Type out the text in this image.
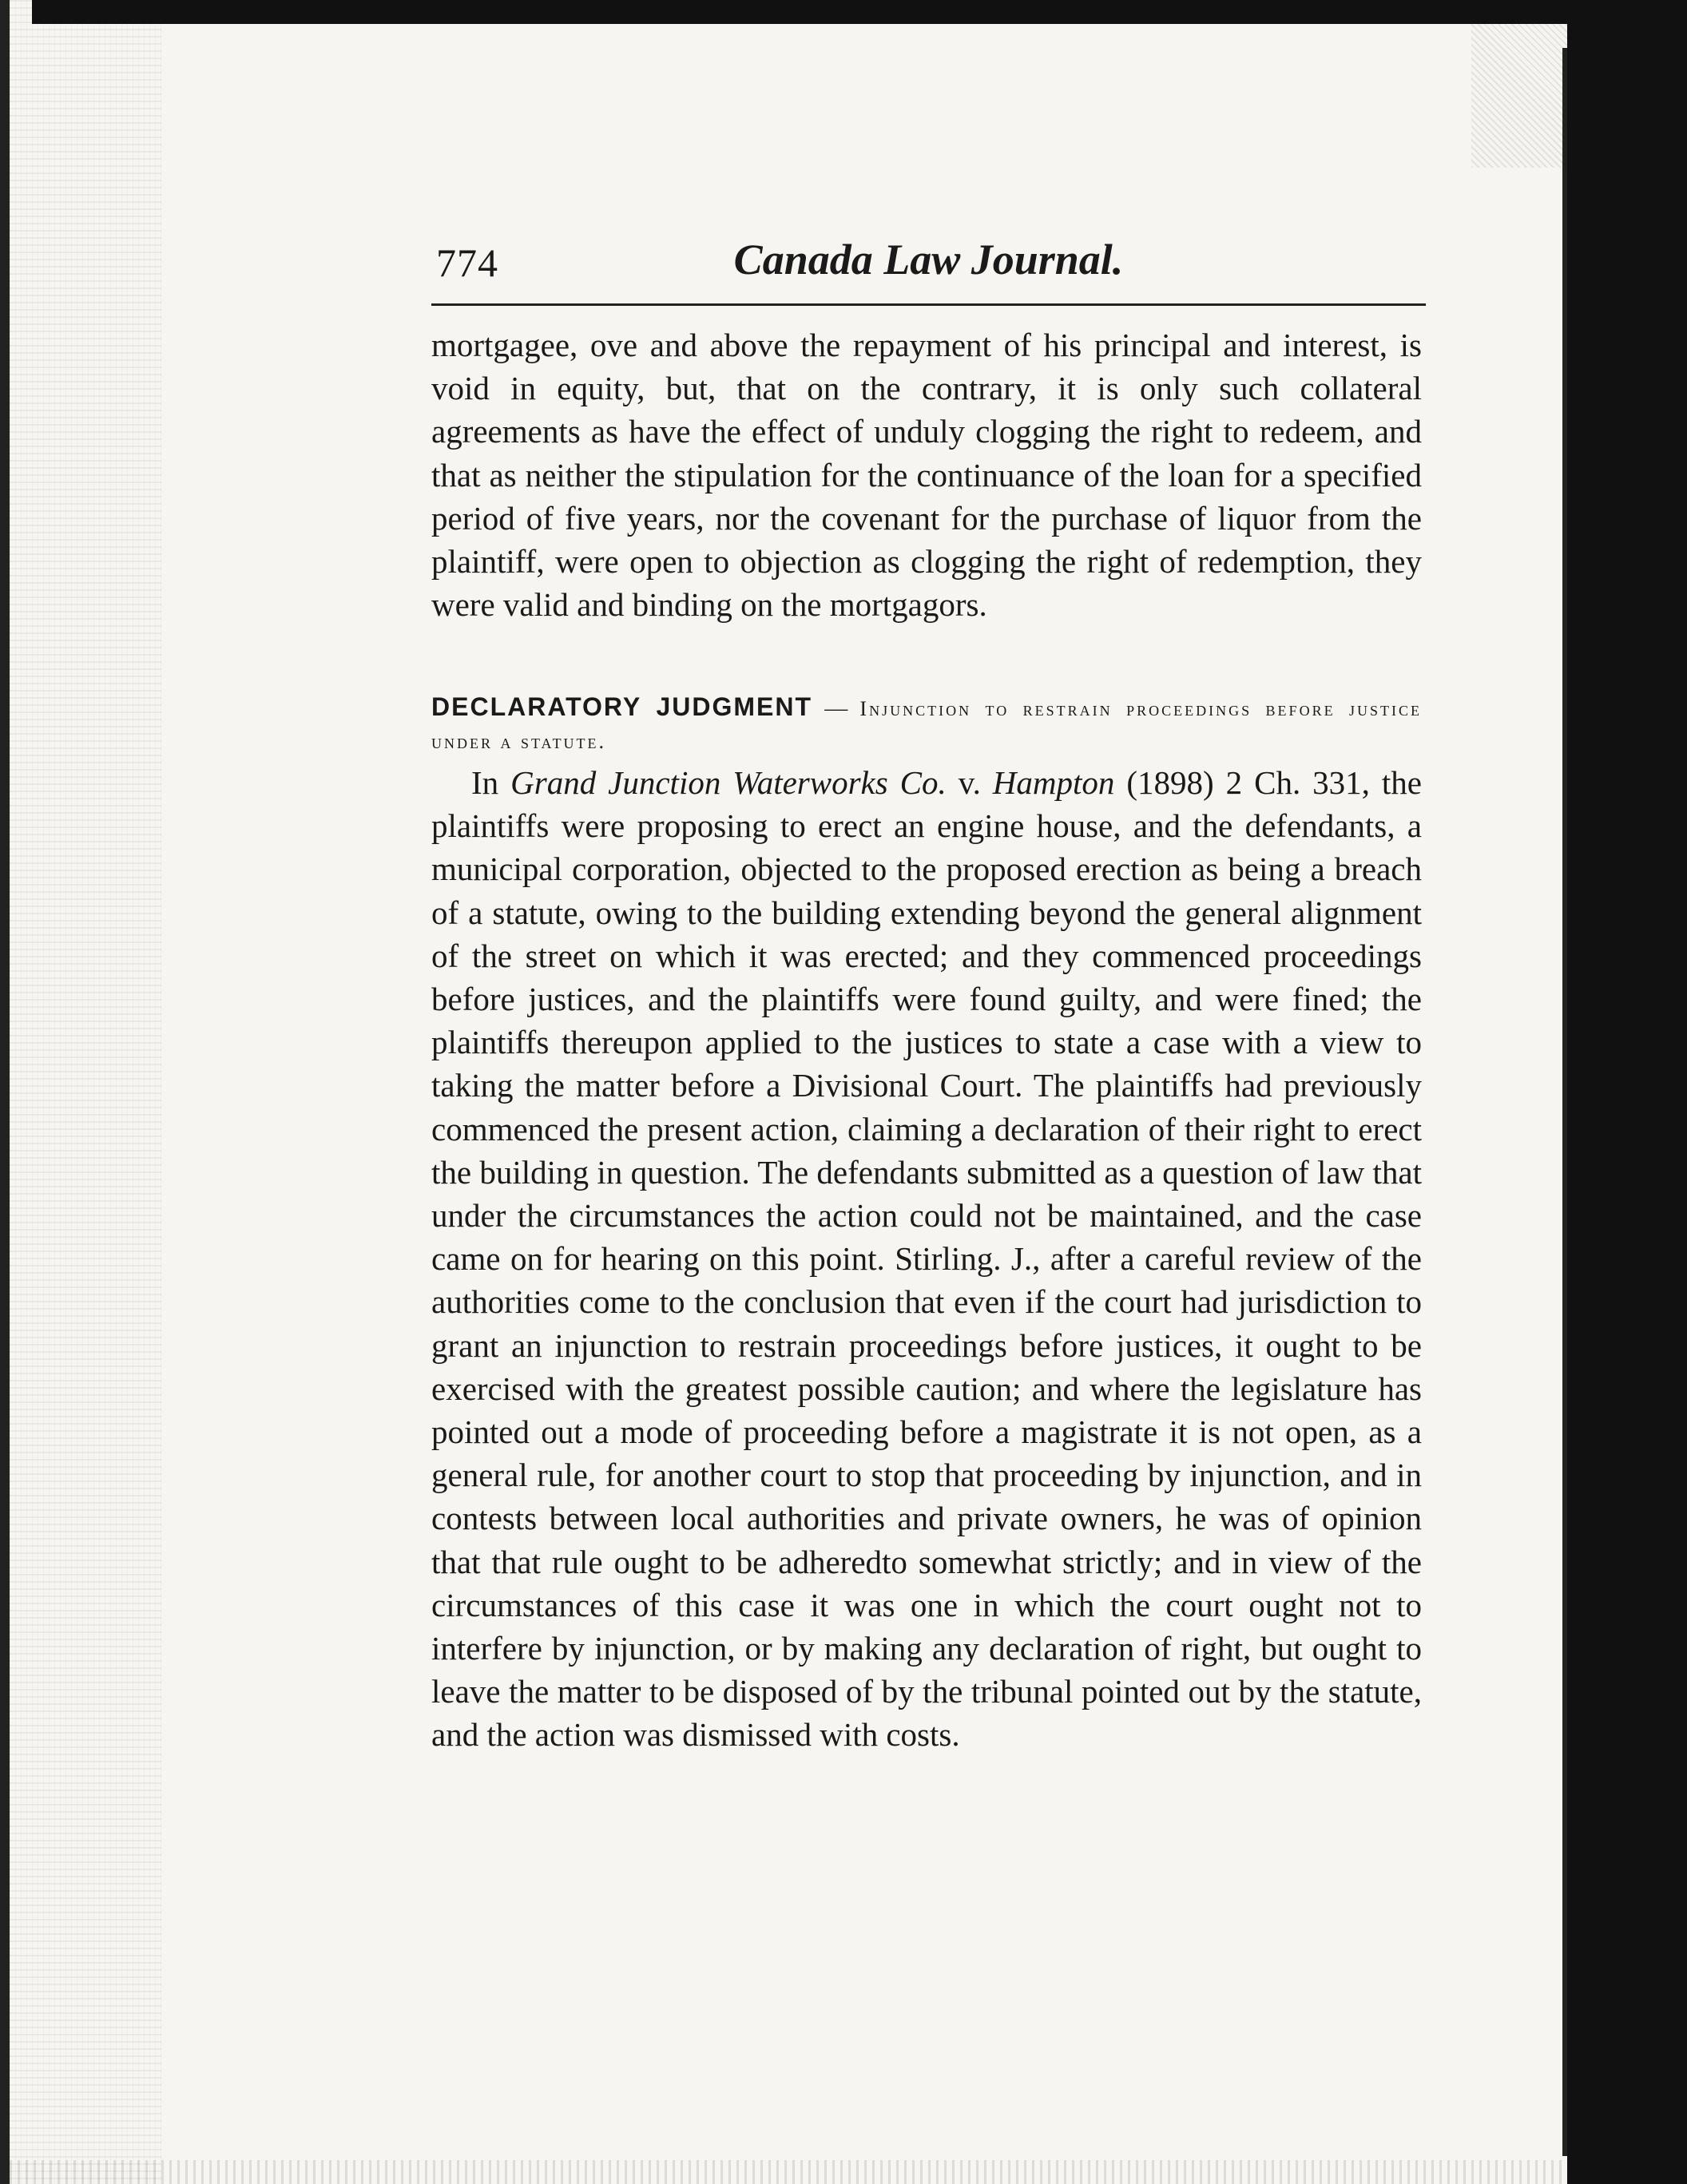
774	Canada Law Journal.
mortgagee, ove and above the repayment of his principal and interest, is void in equity, but, that on the contrary, it is only such collateral agreements as have the effect of unduly clogging the right to redeem, and that as neither the stipulation for the continuance of the loan for a specified period of five years, nor the covenant for the purchase of liquor from the plaintiff, were open to objection as clogging the right of redemption, they were valid and binding on the mortgagors.
DECLARATORY JUDGMENT — Injunction to restrain proceedings before justice under a statute.
In Grand Junction Waterworks Co. v. Hampton (1898) 2 Ch. 331, the plaintiffs were proposing to erect an engine house, and the defendants, a municipal corporation, objected to the proposed erection as being a breach of a statute, owing to the building extending beyond the general alignment of the street on which it was erected; and they commenced proceedings before justices, and the plaintiffs were found guilty, and were fined; the plaintiffs thereupon applied to the justices to state a case with a view to taking the matter before a Divisional Court. The plaintiffs had previously commenced the present action, claiming a declaration of their right to erect the building in question. The defendants submitted as a question of law that under the circumstances the action could not be maintained, and the case came on for hearing on this point. Stirling. J., after a careful review of the authorities come to the conclusion that even if the court had jurisdiction to grant an injunction to restrain proceedings before justices, it ought to be exercised with the greatest possible caution; and where the legislature has pointed out a mode of proceeding before a magistrate it is not open, as a general rule, for another court to stop that proceeding by injunction, and in contests between local authorities and private owners, he was of opinion that that rule ought to be adheredto somewhat strictly; and in view of the circumstances of this case it was one in which the court ought not to interfere by injunction, or by making any declaration of right, but ought to leave the matter to be disposed of by the tribunal pointed out by the statute, and the action was dismissed with costs.
